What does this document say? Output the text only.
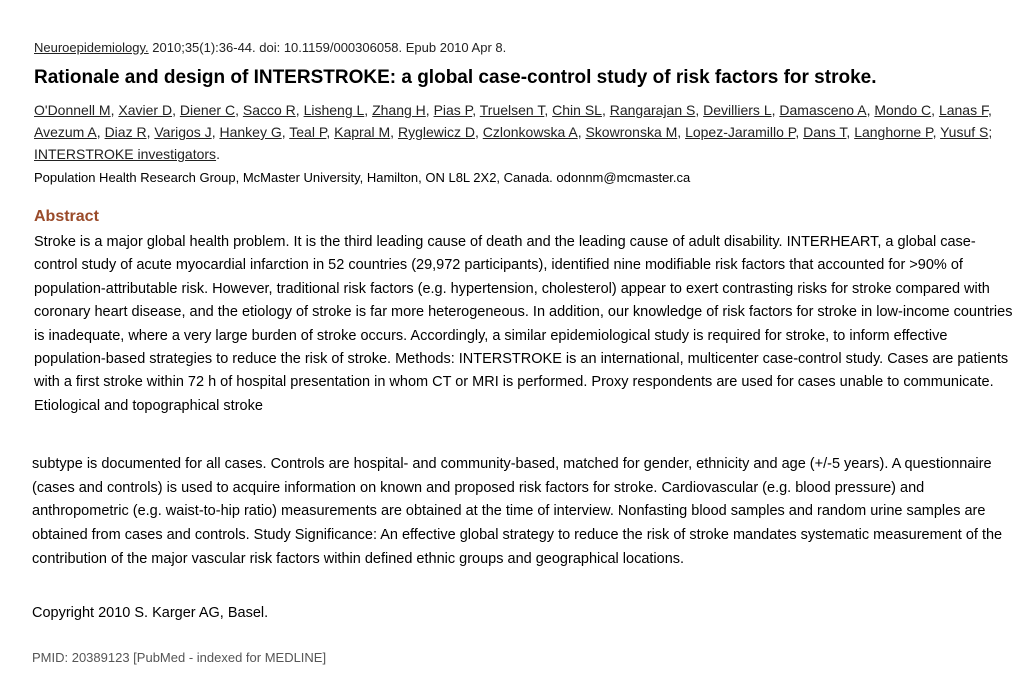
Neuroepidemiology. 2010;35(1):36-44. doi: 10.1159/000306058. Epub 2010 Apr 8.
Rationale and design of INTERSTROKE: a global case-control study of risk factors for stroke.
O'Donnell M, Xavier D, Diener C, Sacco R, Lisheng L, Zhang H, Pias P, Truelsen T, Chin SL, Rangarajan S, Devilliers L, Damasceno A, Mondo C, Lanas F, Avezum A, Diaz R, Varigos J, Hankey G, Teal P, Kapral M, Ryglewicz D, Czlonkowska A, Skowronska M, Lopez-Jaramillo P, Dans T, Langhorne P, Yusuf S; INTERSTROKE investigators.
Population Health Research Group, McMaster University, Hamilton, ON L8L 2X2, Canada. odonnm@mcmaster.ca
Abstract

Stroke is a major global health problem. It is the third leading cause of death and the leading cause of adult disability. INTERHEART, a global case-control study of acute myocardial infarction in 52 countries (29,972 participants), identified nine modifiable risk factors that accounted for >90% of population-attributable risk. However, traditional risk factors (e.g. hypertension, cholesterol) appear to exert contrasting risks for stroke compared with coronary heart disease, and the etiology of stroke is far more heterogeneous. In addition, our knowledge of risk factors for stroke in low-income countries is inadequate, where a very large burden of stroke occurs. Accordingly, a similar epidemiological study is required for stroke, to inform effective population-based strategies to reduce the risk of stroke. Methods: INTERSTROKE is an international, multicenter case-control study. Cases are patients with a first stroke within 72 h of hospital presentation in whom CT or MRI is performed. Proxy respondents are used for cases unable to communicate. Etiological and topographical stroke

subtype is documented for all cases. Controls are hospital- and community-based, matched for gender, ethnicity and age (+/-5 years). A questionnaire (cases and controls) is used to acquire information on known and proposed risk factors for stroke. Cardiovascular (e.g. blood pressure) and anthropometric (e.g. waist-to-hip ratio) measurements are obtained at the time of interview. Nonfasting blood samples and random urine samples are obtained from cases and controls. Study Significance: An effective global strategy to reduce the risk of stroke mandates systematic measurement of the contribution of the major vascular risk factors within defined ethnic groups and geographical locations.

Copyright 2010 S. Karger AG, Basel.
PMID: 20389123 [PubMed - indexed for MEDLINE]
